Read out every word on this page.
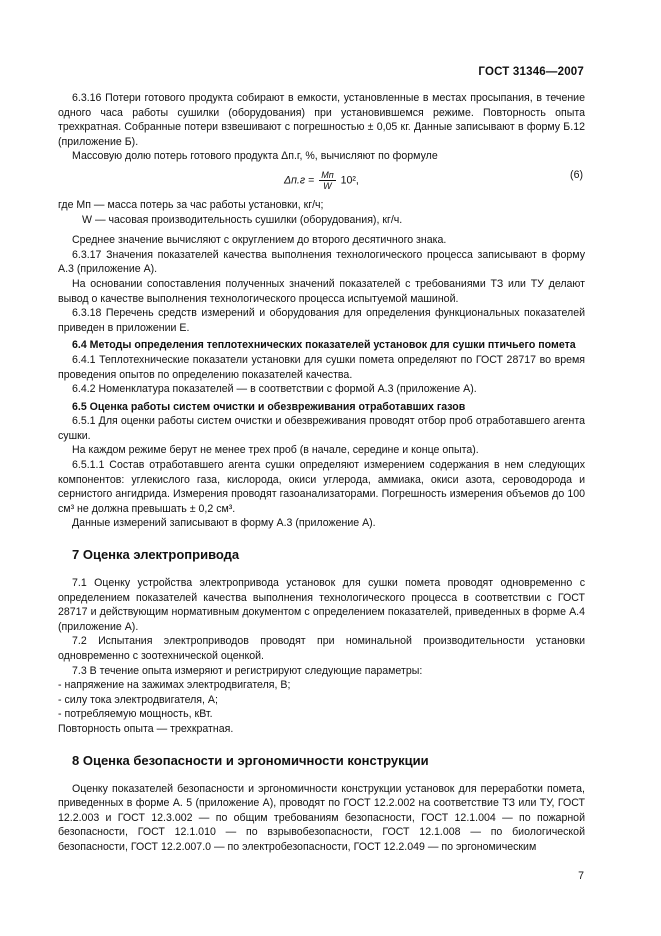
ГОСТ 31346—2007

6.3.16 Потери готового продукта собирают в емкости, установленные в местах просыпания, в течение одного часа работы сушилки (оборудования) при установившемся режиме. Повторность опыта трехкратная. Собранные потери взвешивают с погрешностью ± 0,05 кг. Данные записывают в форму Б.12 (приложение Б).

Массовую долю потерь готового продукта Δп.г, %, вычисляют по формуле

$\Delta п.г = \frac{Mп}{W} 10^2$,	(6)

где Mп — масса потерь за час работы установки, кг/ч;

W — часовая производительность сушилки (оборудования), кг/ч.

Среднее значение вычисляют с округлением до второго десятичного знака.

6.3.17 Значения показателей качества выполнения технологического процесса записывают в форму А.3 (приложение А).

На основании сопоставления полученных значений показателей с требованиями ТЗ или ТУ делают вывод о качестве выполнения технологического процесса испытуемой машиной.

6.3.18 Перечень средств измерений и оборудования для определения функциональных показателей приведен в приложении Е.

6.4 Методы определения теплотехнических показателей установок для сушки птичьего помета

6.4.1 Теплотехнические показатели установки для сушки помета определяют по ГОСТ 28717 во время проведения опытов по определению показателей качества.

6.4.2 Номенклатура показателей — в соответствии с формой А.3 (приложение А).

6.5 Оценка работы систем очистки и обезвреживания отработавших газов

6.5.1 Для оценки работы систем очистки и обезвреживания проводят отбор проб отработавшего агента сушки.

На каждом режиме берут не менее трех проб (в начале, середине и конце опыта).

6.5.1.1 Состав отработавшего агента сушки определяют измерением содержания в нем следующих компонентов: углекислого газа, кислорода, окиси углерода, аммиака, окиси азота, сероводорода и сернистого ангидрида. Измерения проводят газоанализаторами. Погрешность измерения объемов до 100 см³ не должна превышать ± 0,2 см³.

Данные измерений записывают в форму А.3 (приложение А).

7 Оценка электропривода

7.1 Оценку устройства электропривода установок для сушки помета проводят одновременно с определением показателей качества выполнения технологического процесса в соответствии с ГОСТ 28717 и действующим нормативным документом с определением показателей, приведенных в форме А.4 (приложение А).

7.2 Испытания электроприводов проводят при номинальной производительности установки одновременно с зоотехнической оценкой.

7.3 В течение опыта измеряют и регистрируют следующие параметры:

- напряжение на зажимах электродвигателя, В;

- силу тока электродвигателя, А;

- потребляемую мощность, кВт.

Повторность опыта — трехкратная.

8 Оценка безопасности и эргономичности конструкции

Оценку показателей безопасности и эргономичности конструкции установок для переработки помета, приведенных в форме А. 5 (приложение А), проводят по ГОСТ 12.2.002 на соответствие ТЗ или ТУ, ГОСТ 12.2.003 и ГОСТ 12.3.002 — по общим требованиям безопасности, ГОСТ 12.1.004 — по пожарной безопасности, ГОСТ 12.1.010 — по взрывобезопасности, ГОСТ 12.1.008 — по биологической безопасности, ГОСТ 12.2.007.0 — по электробезопасности, ГОСТ 12.2.049 — по эргономическим

7
